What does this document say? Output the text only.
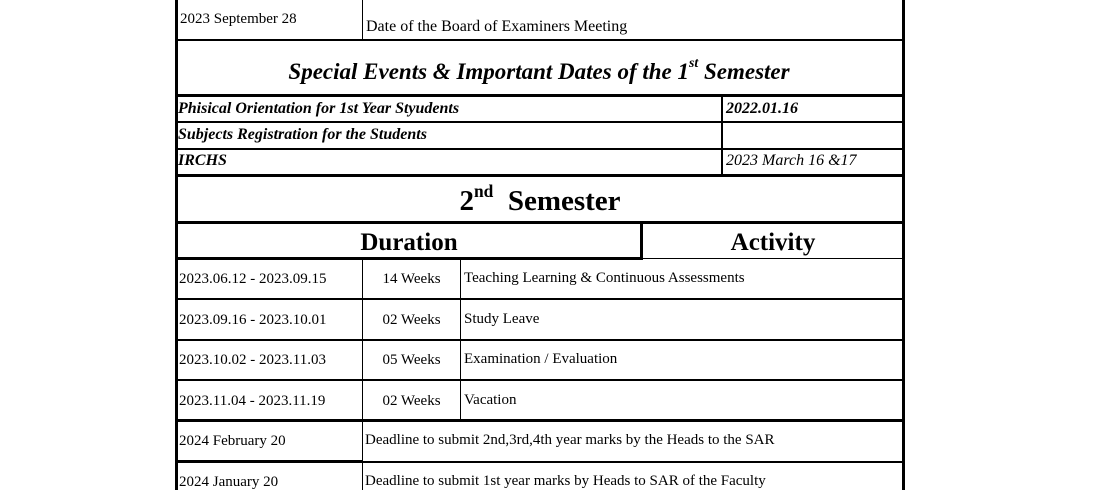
2023 September 28	Date of the Board of Examiners Meeting
Special Events & Important Dates of the 1st Semester
Phisical Orientation for 1st Year Styudents	2022.01.16
Subjects Registration for the Students
IRCHS	2023 March 16 &17
2nd Semester
Duration	Activity
2023.06.12 - 2023.09.15	14 Weeks	Teaching Learning & Continuous Assessments
2023.09.16 - 2023.10.01	02 Weeks	Study Leave
2023.10.02 - 2023.11.03	05 Weeks	Examination / Evaluation
2023.11.04 - 2023.11.19	02 Weeks	Vacation
2024 February 20	Deadline to submit 2nd,3rd,4th year marks by the Heads to the SAR
2024 January 20	Deadline to submit 1st year marks by Heads to SAR of the Faculty
